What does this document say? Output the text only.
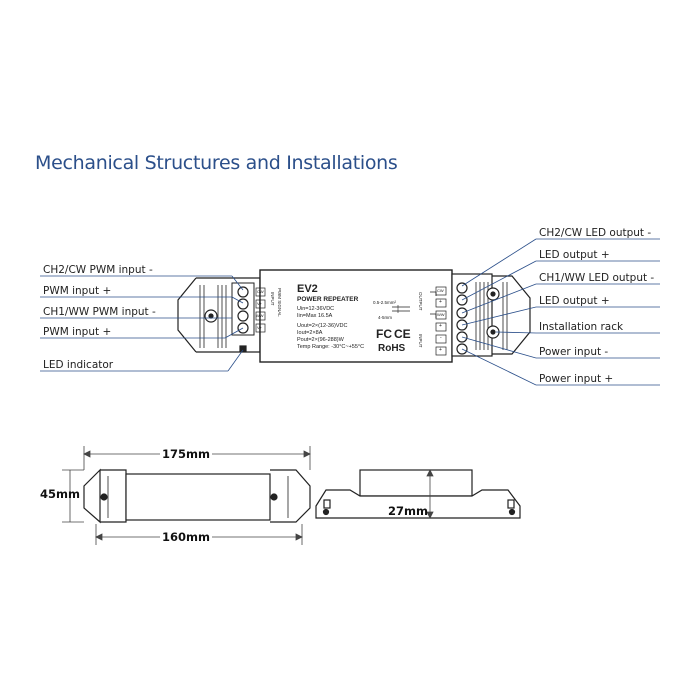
Mechanical Structures and Installations
EV2
POWER REPEATER
Uin=12-36VDC
Iin=Max 16.5A
Uout=2×(12-36)VDC
Iout=2×8A
Pout=2×(96-288)W
Temp Range: -30°C~+55°C
0.5-2.5mm²
4-5mm
FC CE
RoHS
INPUT PWM SIGNAL	OUTPUT
INPUT
CW
V+
WW
V+
CW
+
WW
+
-
+
CH2/CW PWM input -
PWM input +
CH1/WW PWM input -
PWM input +
LED indicator
CH2/CW LED output -
LED output +
CH1/WW LED output -
LED output +
Installation rack
Power input -
Power input +
175mm
160mm
45mm
27mm
